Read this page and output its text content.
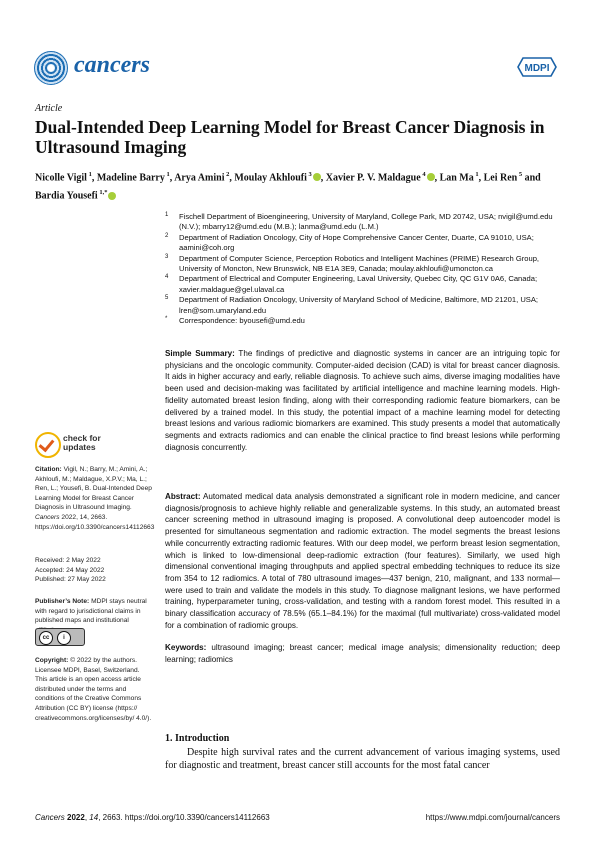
cancers	MDPI
Article
Dual-Intended Deep Learning Model for Breast Cancer Diagnosis in Ultrasound Imaging
Nicolle Vigil $^1$, Madeline Barry $^1$, Arya Amini $^2$, Moulay Akhloufi $^3$ , Xavier P. V. Maldague $^4$ , Lan Ma $^1$, Lei Ren $^5$ and Bardia Yousefi $^{1,*}$
1 Fischell Department of Bioengineering, University of Maryland, College Park, MD 20742, USA; nvigil@umd.edu (N.V.); mbarry12@umd.edu (M.B.); lanma@umd.edu (L.M.)
2 Department of Radiation Oncology, City of Hope Comprehensive Cancer Center, Duarte, CA 91010, USA; aamini@coh.org
3 Department of Computer Science, Perception Robotics and Intelligent Machines (PRIME) Research Group, University of Moncton, New Brunswick, NB E1A 3E9, Canada; moulay.akhloufi@umoncton.ca
4 Department of Electrical and Computer Engineering, Laval University, Quebec City, QC G1V 0A6, Canada; xavier.maldague@gel.ulaval.ca
5 Department of Radiation Oncology, University of Maryland School of Medicine, Baltimore, MD 21201, USA; lren@som.umaryland.edu
* Correspondence: byousefi@umd.edu
Simple Summary: The findings of predictive and diagnostic systems in cancer are an intriguing topic for physicians and the oncologic community. Computer-aided decision (CAD) is vital for breast cancer diagnosis. It aids in higher accuracy and early, reliable diagnosis. To achieve such aims, diverse imaging modalities have been used and decision-making was facilitated by artificial intelligence and machine learning models. High-fidelity automated breast lesion finding, along with their corresponding radiomic feature biomarkers, can be delivered by a trained model. In this study, the potential impact of a machine learning model for detecting breast lesions and various radiomic biomarkers are examined. This study presents a model that automatically segments and extracts radiomics and can enable the clinical practice to find breast lesions while performing diagnosis concurrently.
Abstract: Automated medical data analysis demonstrated a significant role in modern medicine, and cancer diagnosis/prognosis to achieve highly reliable and generalizable systems. In this study, an automated breast cancer screening method in ultrasound imaging is proposed. A convolutional deep autoencoder model is presented for simultaneous segmentation and radiomic extraction. The model segments the breast lesions while concurrently extracting radiomic features. With our deep model, we perform breast lesion segmentation, which is linked to low-dimensional deep-radiomic extraction (four features). Similarly, we used high dimensional conventional imaging throughputs and applied spectral embedding techniques to reduce its size from 354 to 12 radiomics. A total of 780 ultrasound images—437 benign, 210, malignant, and 133 normal—were used to train and validate the models in this study. To diagnose malignant lesions, we have performed training, hyperparameter tuning, cross-validation, and testing with a random forest model. This resulted in a binary classification accuracy of 78.5% (65.1–84.1%) for the maximal (full multivariate) cross-validated model for a combination of radiomic groups.
Keywords: ultrasound imaging; breast cancer; medical image analysis; dimensionality reduction; deep learning; radiomics
check for
updates
Citation: Vigil, N.; Barry, M.; Amini, A.; Akhloufi, M.; Maldague, X.P.V.; Ma, L.; Ren, L.; Yousefi, B. Dual-Intended Deep Learning Model for Breast Cancer Diagnosis in Ultrasound Imaging. Cancers 2022, 14, 2663. https://doi.org/10.3390/cancers14112663
Received: 2 May 2022
Accepted: 24 May 2022
Published: 27 May 2022
Publisher’s Note: MDPI stays neutral with regard to jurisdictional claims in published maps and institutional
cc	i
Copyright: © 2022 by the authors. Licensee MDPI, Basel, Switzerland. This article is an open access article distributed under the terms and conditions of the Creative Commons Attribution (CC BY) license (https:// creativecommons.org/licenses/by/ 4.0/).
1. Introduction
Despite high survival rates and the current advancement of various imaging systems, used for diagnostic and treatment, breast cancer still accounts for the most fatal cancer
Cancers 2022, 14, 2663. https://doi.org/10.3390/cancers14112663	https://www.mdpi.com/journal/cancers
